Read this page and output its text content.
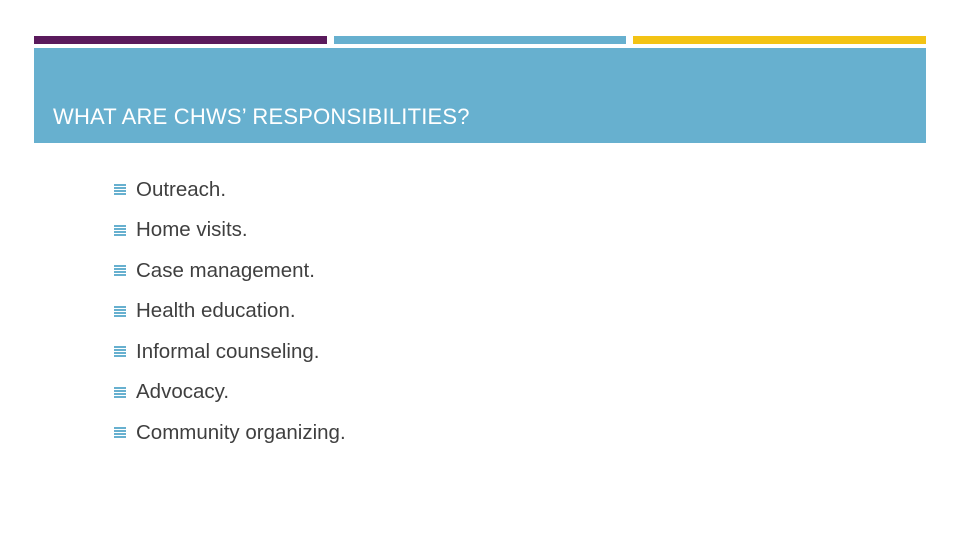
WHAT ARE CHWS’ RESPONSIBILITIES?
Outreach.
Home visits.
Case management.
Health education.
Informal counseling.
Advocacy.
Community organizing.
